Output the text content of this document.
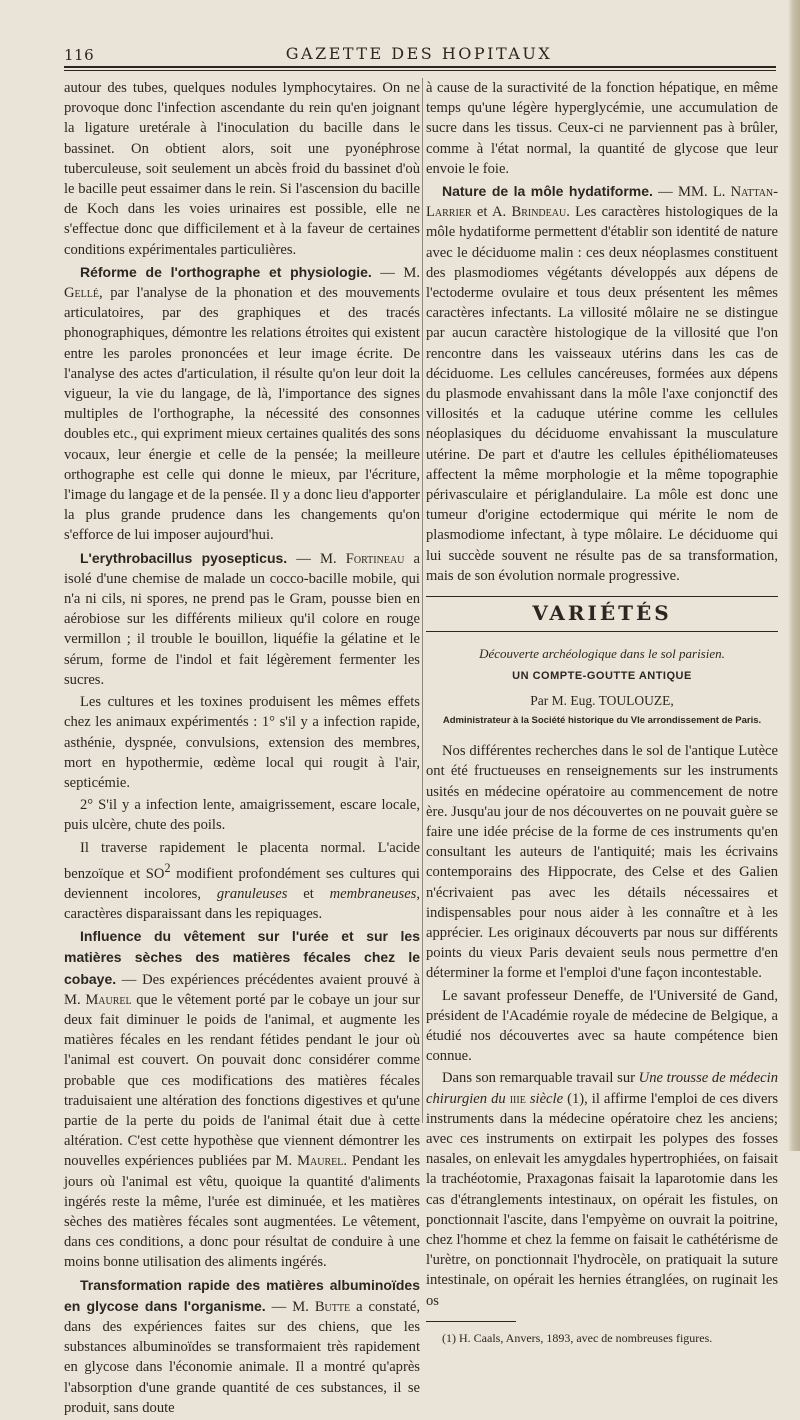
116	GAZETTE DES HOPITAUX

autour des tubes, quelques nodules lymphocytaires. On ne provoque donc l'infection ascendante du rein qu'en joignant la ligature uretérale à l'inoculation du bacille dans le bassinet. On obtient alors, soit une pyonéphrose tuberculeuse, soit seulement un abcès froid du bassinet d'où le bacille peut essaimer dans le rein. Si l'ascension du bacille de Koch dans les voies urinaires est possible, elle ne s'effectue donc que difficilement et à la faveur de certaines conditions expérimentales particulières.

Réforme de l'orthographe et physiologie. — M. Gellé, par l'analyse de la phonation et des mouvements articulatoires, par des graphiques et des tracés phonographiques, démontre les relations étroites qui existent entre les paroles prononcées et leur image écrite. De l'analyse des actes d'articulation, il résulte qu'on leur doit la vigueur, la vie du langage, de là, l'importance des signes multiples de l'orthographe, la nécessité des consonnes doubles etc., qui expriment mieux certaines qualités des sons vocaux, leur énergie et celle de la pensée; la meilleure orthographe est celle qui donne le mieux, par l'écriture, l'image du langage et de la pensée. Il y a donc lieu d'apporter la plus grande prudence dans les changements qu'on s'efforce de lui imposer aujourd'hui.

L'erythrobacillus pyosepticus. — M. Fortineau a isolé d'une chemise de malade un cocco-bacille mobile, qui n'a ni cils, ni spores, ne prend pas le Gram, pousse bien en aérobiose sur les différents milieux qu'il colore en rouge vermillon ; il trouble le bouillon, liquéfie la gélatine et le sérum, forme de l'indol et fait légèrement fermenter les sucres.

Les cultures et les toxines produisent les mêmes effets chez les animaux expérimentés : 1° s'il y a infection rapide, asthénie, dyspnée, convulsions, extension des membres, mort en hypothermie, œdème local qui rougit à l'air, septicémie.

2° S'il y a infection lente, amaigrissement, escare locale, puis ulcère, chute des poils.

Il traverse rapidement le placenta normal. L'acide benzoïque et $SO^2$ modifient profondément ses cultures qui deviennent incolores, granuleuses et membraneuses, caractères disparaissant dans les repiquages.

Influence du vêtement sur l'urée et sur les matières sèches des matières fécales chez le cobaye. — Des expériences précédentes avaient prouvé à M. Maurel que le vêtement porté par le cobaye un jour sur deux fait diminuer le poids de l'animal, et augmente les matières fécales en les rendant fétides pendant le jour où l'animal est couvert. On pouvait donc considérer comme probable que ces modifications des matières fécales traduisaient une altération des fonctions digestives et qu'une partie de la perte du poids de l'animal était due à cette altération. C'est cette hypothèse que viennent démontrer les nouvelles expériences publiées par M. Maurel. Pendant les jours où l'animal est vêtu, quoique la quantité d'aliments ingérés reste la même, l'urée est diminuée, et les matières sèches des matières fécales sont augmentées. Le vêtement, dans ces conditions, a donc pour résultat de conduire à une moins bonne utilisation des aliments ingérés.

Transformation rapide des matières albuminoïdes en glycose dans l'organisme. — M. Butte a constaté, dans des expériences faites sur des chiens, que les substances albuminoïdes se transformaient très rapidement en glycose dans l'économie animale. Il a montré qu'après l'absorption d'une grande quantité de ces substances, il se produit, sans doute

à cause de la suractivité de la fonction hépatique, en même temps qu'une légère hyperglycémie, une accumulation de sucre dans les tissus. Ceux-ci ne parviennent pas à brûler, comme à l'état normal, la quantité de glycose que leur envoie le foie.

Nature de la môle hydatiforme. — MM. L. Nattan-Larrier et A. Brindeau. Les caractères histologiques de la môle hydatiforme permettent d'établir son identité de nature avec le déciduome malin : ces deux néoplasmes constituent des plasmodiomes végétants développés aux dépens de l'ectoderme ovulaire et tous deux présentent les mêmes caractères infectants. La villosité môlaire ne se distingue par aucun caractère histologique de la villosité que l'on rencontre dans les vaisseaux utérins dans les cas de déciduome. Les cellules cancéreuses, formées aux dépens du plasmode envahissant dans la môle l'axe conjonctif des villosités et la caduque utérine comme les cellules néoplasiques du déciduome envahissant la musculature utérine. De part et d'autre les cellules épithéliomateuses affectent la même morphologie et la même topographie périvasculaire et périglandulaire. La môle est donc une tumeur d'origine ectodermique qui mérite le nom de plasmodiome infectant, à type môlaire. Le déciduome qui lui succède souvent ne résulte pas de sa transformation, mais de son évolution normale progressive.

VARIÉTÉS
Découverte archéologique dans le sol parisien.
UN COMPTE-GOUTTE ANTIQUE
Par M. Eug. TOULOUZE,
Administrateur à la Société historique du VIe arrondissement de Paris.

Nos différentes recherches dans le sol de l'antique Lutèce ont été fructueuses en renseignements sur les instruments usités en médecine opératoire au commencement de notre ère. Jusqu'au jour de nos découvertes on ne pouvait guère se faire une idée précise de la forme de ces instruments qu'en consultant les auteurs de l'antiquité; mais les écrivains contemporains des Hippocrate, des Celse et des Galien n'écrivaient pas avec les détails nécessaires et indispensables pour nous aider à les connaître et à les apprécier. Les originaux découverts par nous sur différents points du vieux Paris devaient seuls nous permettre d'en déterminer la forme et l'emploi d'une façon incontestable.

Le savant professeur Deneffe, de l'Université de Gand, président de l'Académie royale de médecine de Belgique, a étudié nos découvertes avec sa haute compétence bien connue.

Dans son remarquable travail sur Une trousse de médecin chirurgien du iiie siècle (1), il affirme l'emploi de ces divers instruments dans la médecine opératoire chez les anciens; avec ces instruments on extirpait les polypes des fosses nasales, on enlevait les amygdales hypertrophiées, on faisait la trachéotomie, Praxagonas faisait la laparotomie dans les cas d'étranglements intestinaux, on opérait les fistules, on ponctionnait l'ascite, dans l'empyème on ouvrait la poitrine, chez l'homme et chez la femme on faisait le cathétérisme de l'urètre, on ponctionnait l'hydrocèle, on pratiquait la suture intestinale, on opérait les hernies étranglées, on ruginait les os

(1) H. Caals, Anvers, 1893, avec de nombreuses figures.
